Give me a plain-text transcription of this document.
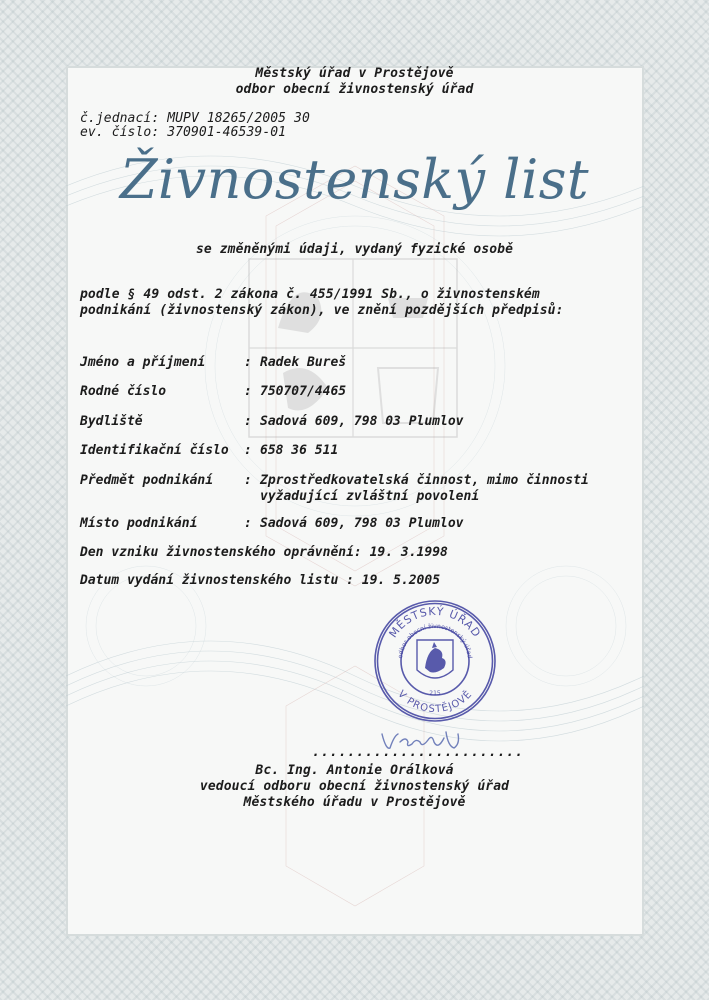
Městský úřad v Prostějově
odbor obecní živnostenský úřad
č.jednací: MUPV 18265/2005 30
ev. číslo: 370901-46539-01
Živnostenský list
se změněnými údaji, vydaný fyzické osobě
podle § 49 odst. 2 zákona č. 455/1991 Sb., o živnostenském
podnikání (živnostenský zákon), ve znění pozdějších předpisů:
Jméno a příjmení	: Radek Bureš
Rodné číslo	: 750707/4465
Bydliště	: Sadová 609, 798 03 Plumlov
Identifikační číslo : 658 36 511
Předmět podnikání : Zprostředkovatelská činnost, mimo činnosti vyžadující zvláštní povolení
Místo podnikání	: Sadová 609, 798 03 Plumlov
Den vzniku živnostenského oprávnění: 19. 3.1998
Datum vydání živnostenského listu : 19. 5.2005
MĚSTSKÝ ÚŘAD
odbor obecní živnostenský úřad
V PROSTĚJOVĚ
215
........................
Bc. Ing. Antonie Orálková
vedoucí odboru obecní živnostenský úřad
Městského úřadu v Prostějově
